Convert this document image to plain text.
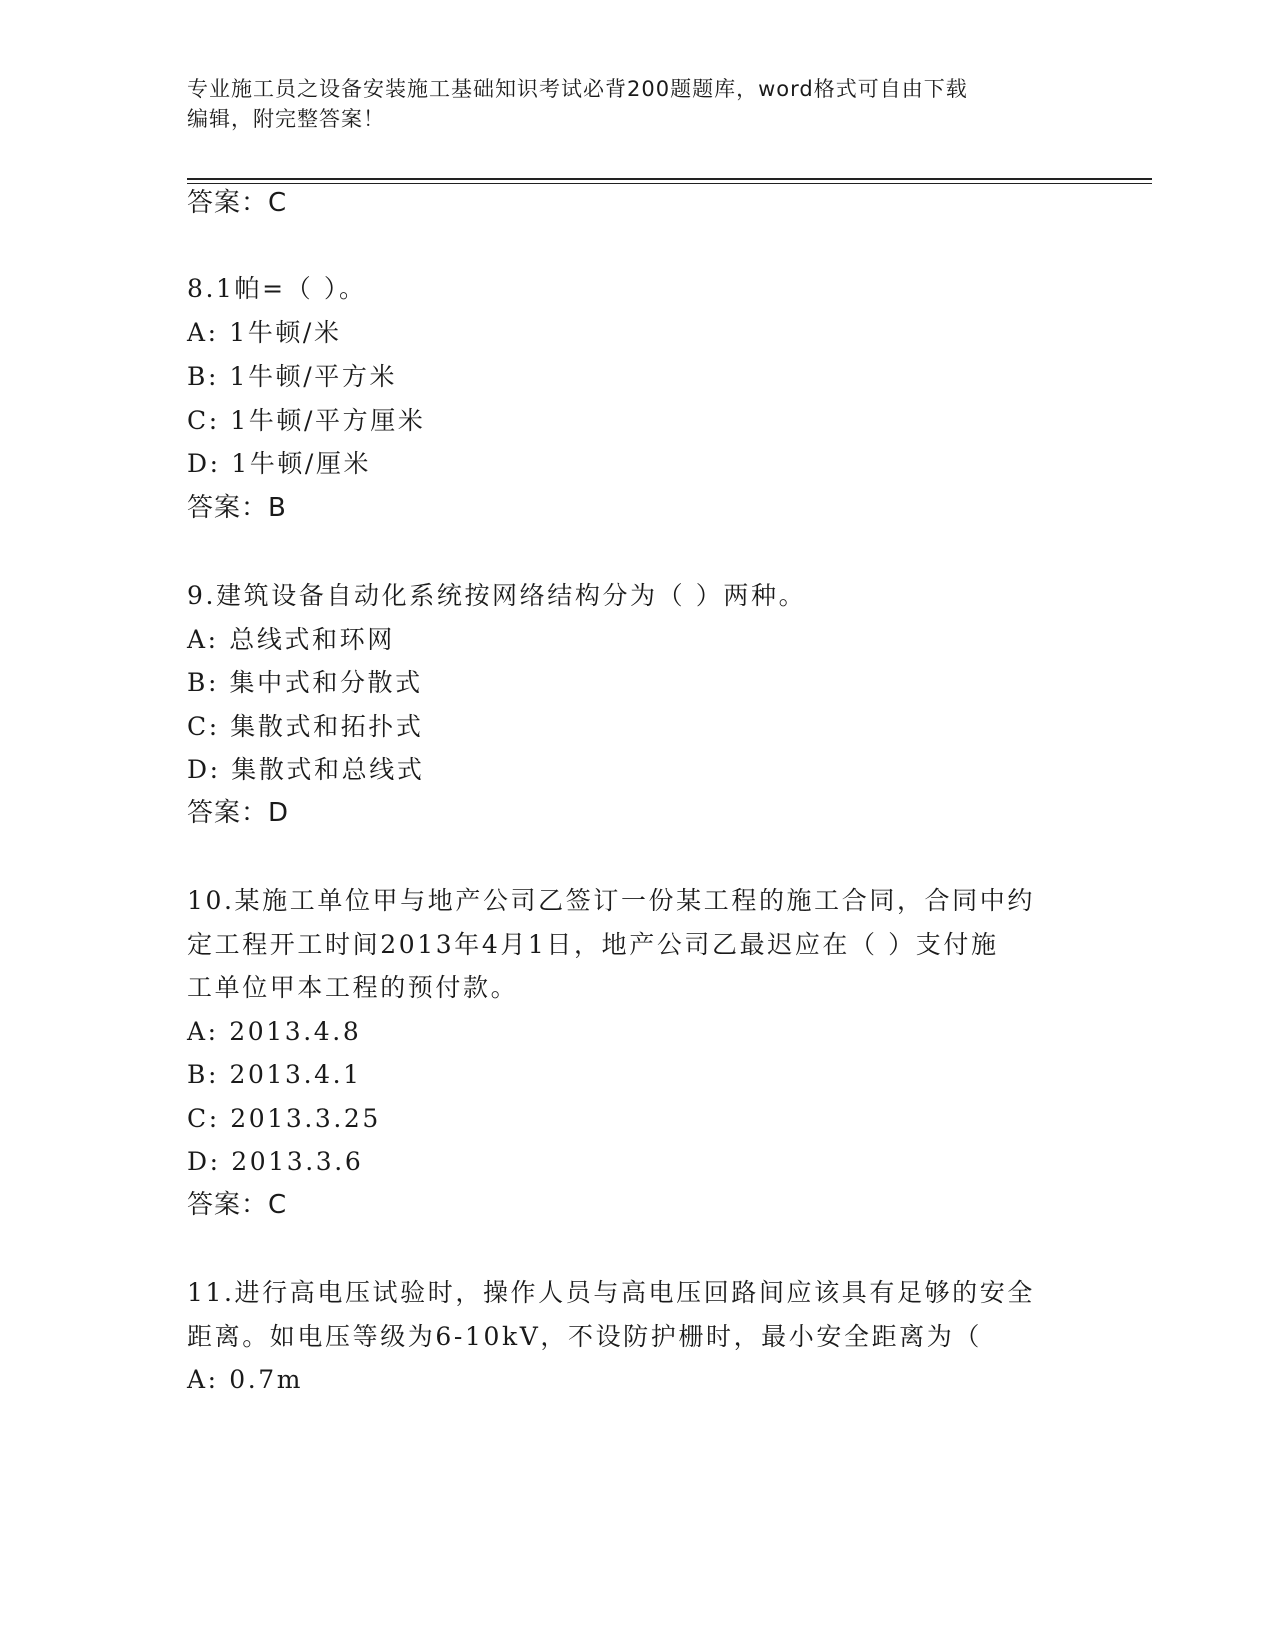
专业施工员之设备安装施工基础知识考试必背200题题库，word格式可自由下载
编辑，附完整答案！
答案：C
8.1帕=（ ）。
A: 1牛顿/米
B: 1牛顿/平方米
C: 1牛顿/平方厘米
D: 1牛顿/厘米
答案：B
9.建筑设备自动化系统按网络结构分为（ ）两种。
A: 总线式和环网
B: 集中式和分散式
C: 集散式和拓扑式
D: 集散式和总线式
答案：D
10.某施工单位甲与地产公司乙签订一份某工程的施工合同，合同中约
定工程开工时间2013年4月1日，地产公司乙最迟应在（ ）支付施
工单位甲本工程的预付款。
A: 2013.4.8
B: 2013.4.1
C: 2013.3.25
D: 2013.3.6
答案：C
11.进行高电压试验时，操作人员与高电压回路间应该具有足够的安全
距离。如电压等级为6-10kV，不设防护栅时，最小安全距离为（
A: 0.7m
